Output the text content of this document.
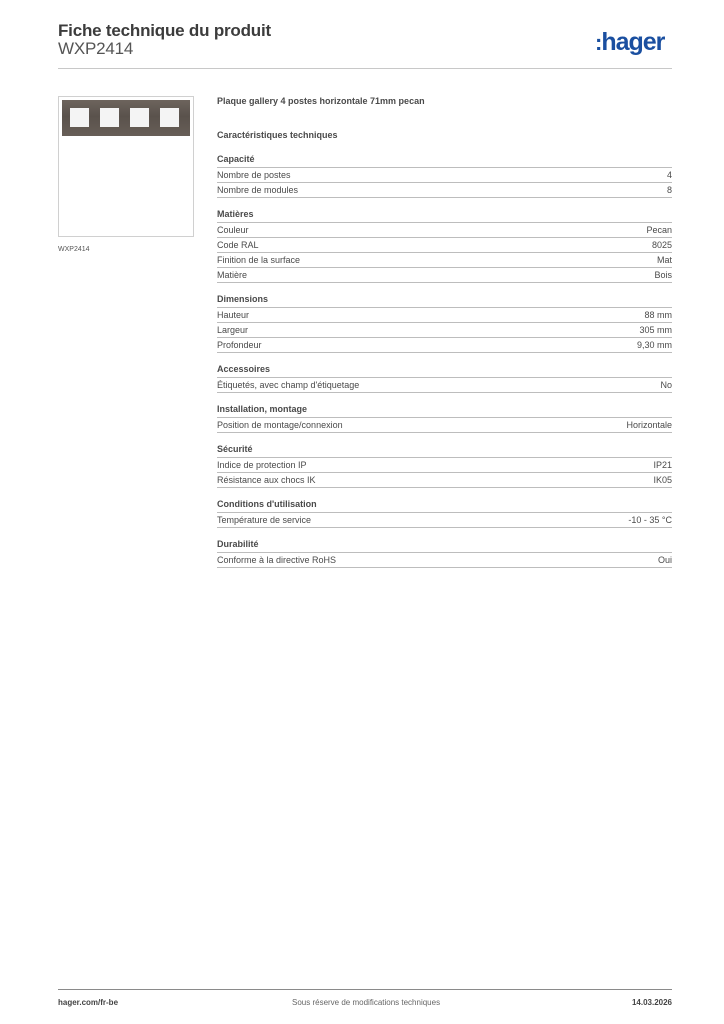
Fiche technique du produit
WXP2414	:hager
WXP2414
Plaque gallery 4 postes horizontale 71mm pecan
Caractéristiques techniques
Capacité
Nombre de postes	4
Nombre de modules	8
Matières
Couleur	Pecan
Code RAL	8025
Finition de la surface	Mat
Matière	Bois
Dimensions
Hauteur	88 mm
Largeur	305 mm
Profondeur	9,30 mm
Accessoires
Étiquetés, avec champ d'étiquetage	No
Installation, montage
Position de montage/connexion	Horizontale
Sécurité
Indice de protection IP	IP21
Résistance aux chocs IK	IK05
Conditions d'utilisation
Température de service	-10 - 35 °C
Durabilité
Conforme à la directive RoHS	Oui
hager.com/fr-be	Sous réserve de modifications techniques	14.03.2026
